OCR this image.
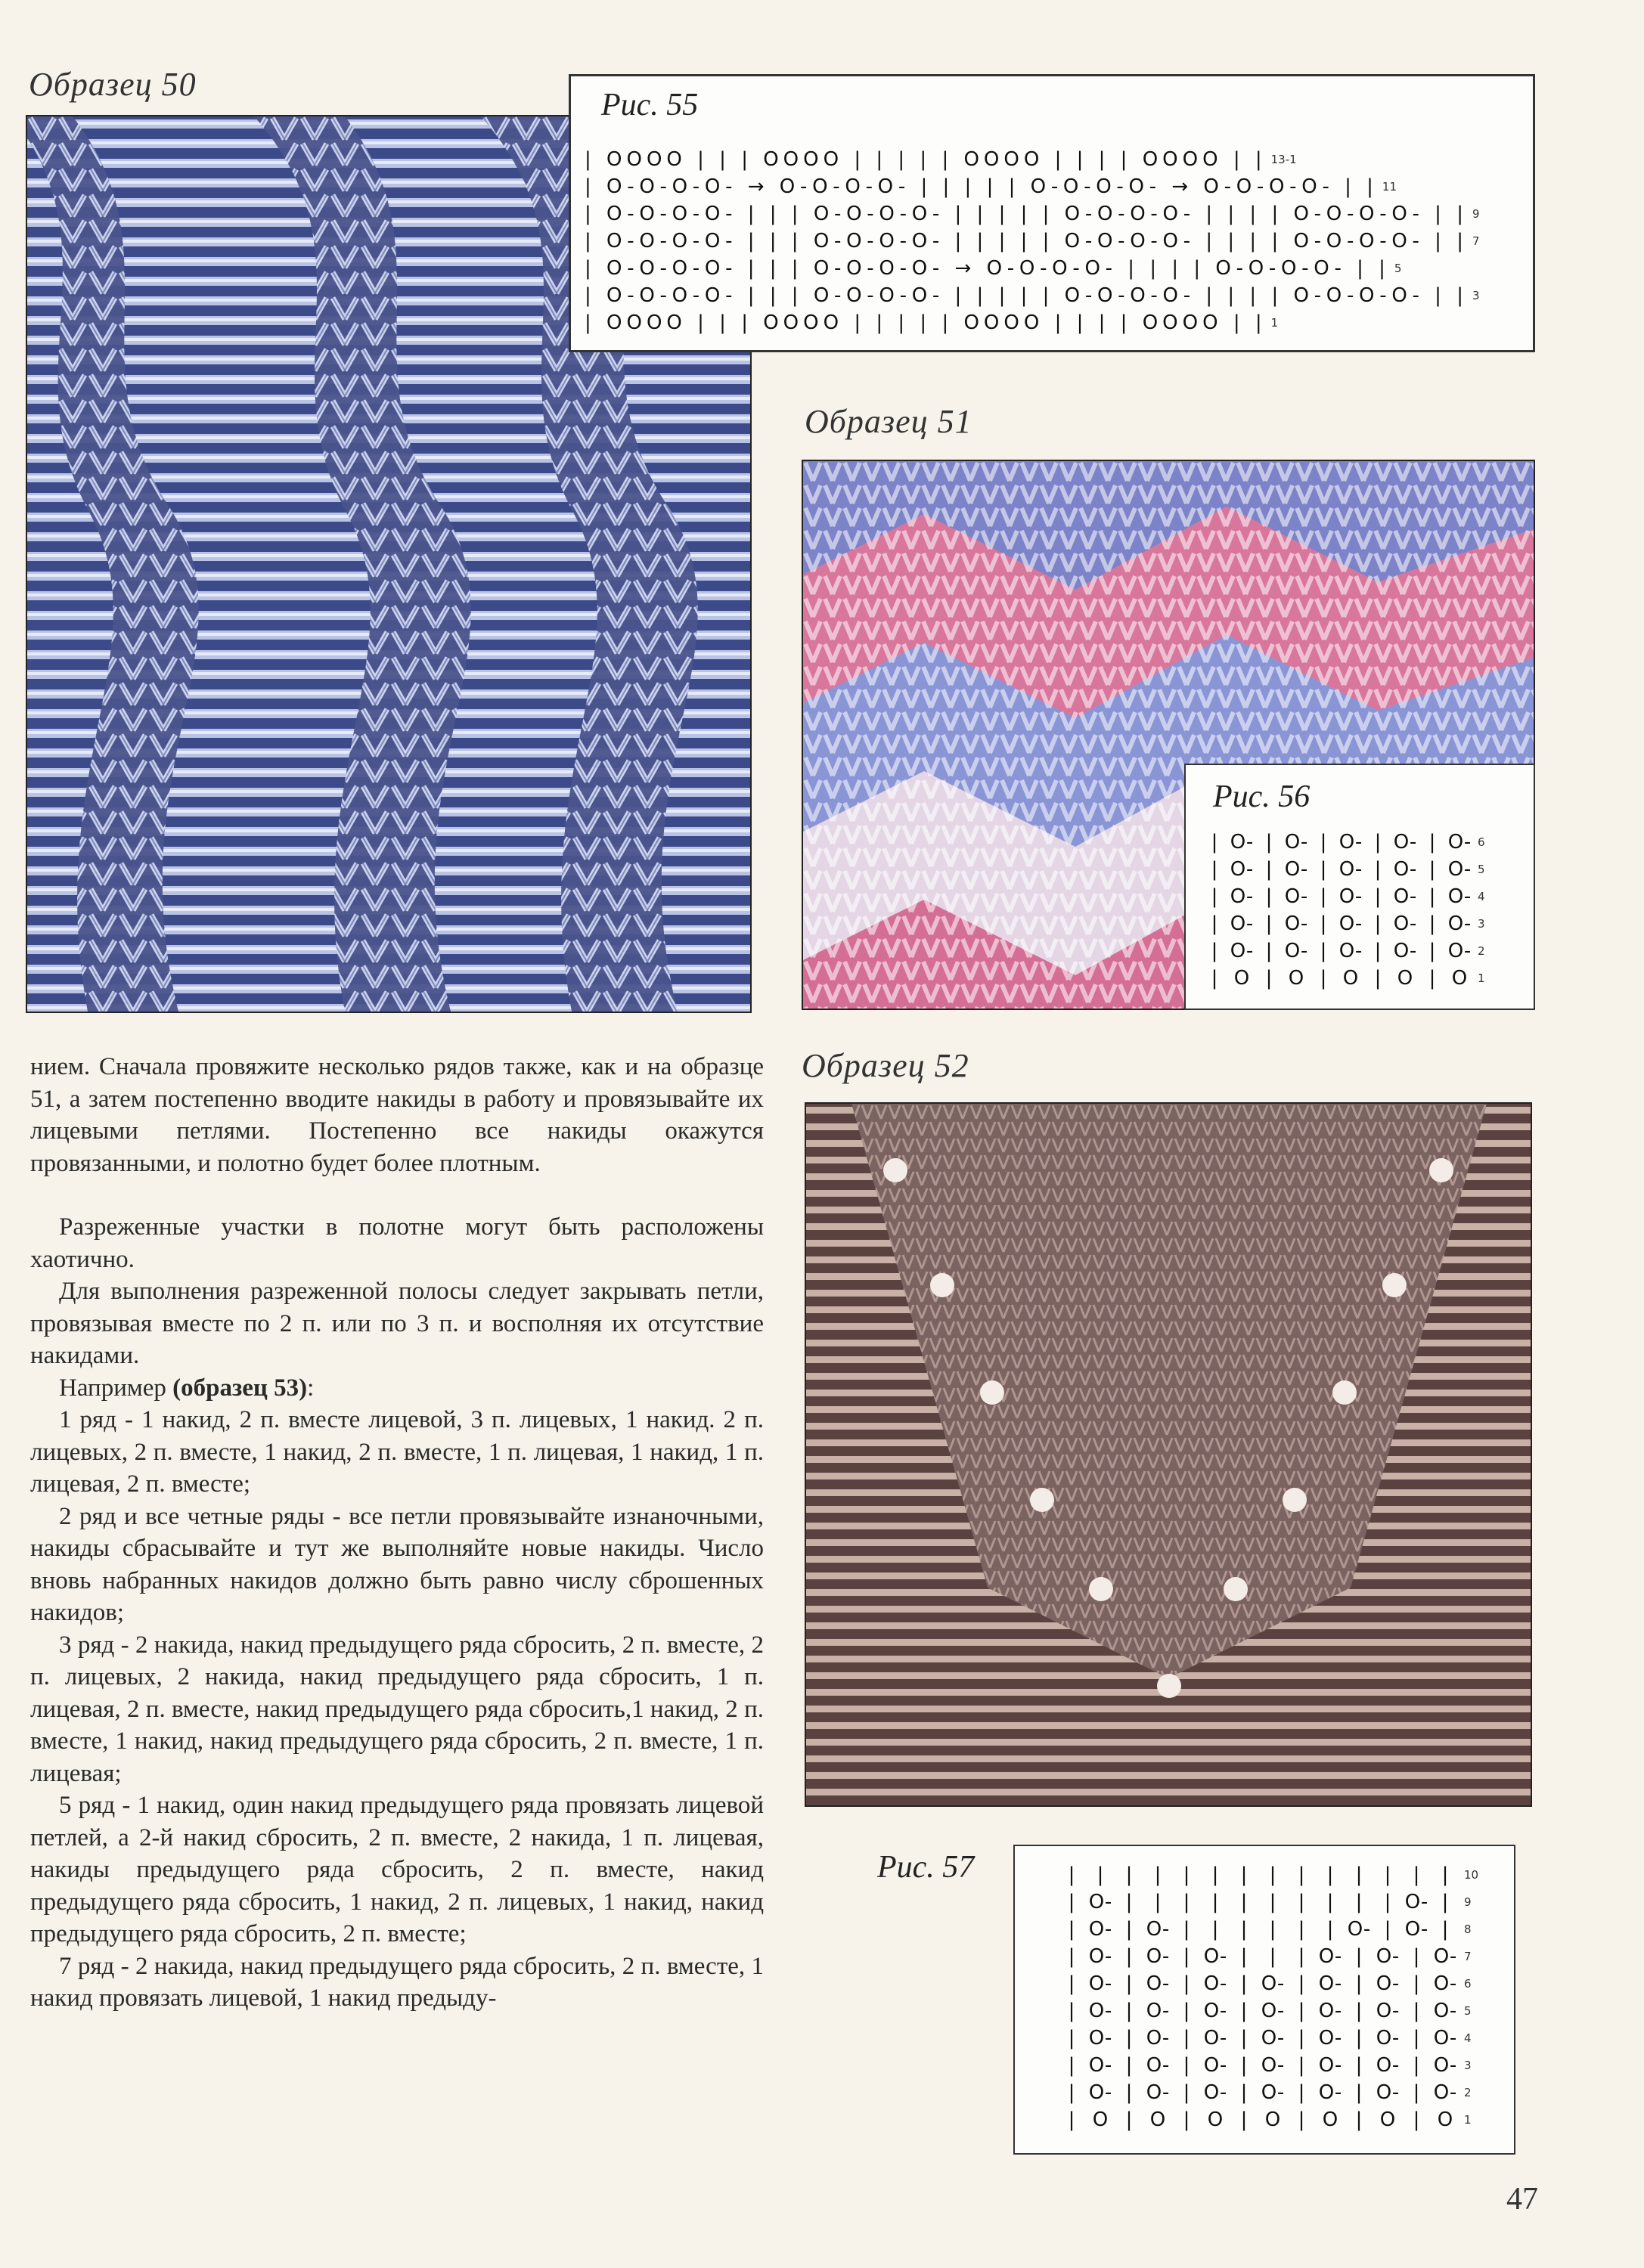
Образец 50
Рис. 55
| OOOO | | | OOOO | | | | | OOOO | | | | OOOO | | 13-1
| O-O-O-O- → O-O-O-O- | | | | | O-O-O-O- → O-O-O-O- | | 11
| O-O-O-O- | | | O-O-O-O- | | | | | O-O-O-O- | | | | O-O-O-O- | | 9
| O-O-O-O- | | | O-O-O-O- | | | | | O-O-O-O- | | | | O-O-O-O- | | 7
| O-O-O-O- | | | O-O-O-O- → O-O-O-O- | | | | O-O-O-O- | | 5
| O-O-O-O- | | | O-O-O-O- | | | | | O-O-O-O- | | | | O-O-O-O- | | 3
| OOOO | | | OOOO | | | | | OOOO | | | | OOOO | | 1
Образец 51
Рис. 56
| O- | O- | O- | O- | O- 6
| O- | O- | O- | O- | O- 5
| O- | O- | O- | O- | O- 4
| O- | O- | O- | O- | O- 3
| O- | O- | O- | O- | O- 2
| O | O | O | O | O 1
Образец 52
Рис. 57	|	|	|	|	|	|	|	|	|	|	|	|	|	|	10
| O- |	|	|	|	|	|	|	|	|	| O- |	9
| O- | O- |	|	|	|	|	| O- | O- |	8
| O- | O- | O- |	|	| O- | O- | O- 7
| O- | O- | O- | O- | O- | O- | O- 6
| O- | O- | O- | O- | O- | O- | O- 5
| O- | O- | O- | O- | O- | O- | O- 4
| O- | O- | O- | O- | O- | O- | O- 3
| O- | O- | O- | O- | O- | O- | O- 2
| O | O | O | O | O | O | O 1

нием. Сначала провяжите несколько рядов также, как и на образце 51, а затем постепенно вводите накиды в работу и провязывайте их лицевыми петлями. Постепенно все накиды окажутся провязанными, и полотно будет более плотным.

Разреженные участки в полотне могут быть расположены хаотично.

Для выполнения разреженной полосы следует закрывать петли, провязывая вместе по 2 п. или по 3 п. и восполняя их отсутствие накидами.

Например (образец 53):

1 ряд - 1 накид, 2 п. вместе лицевой, 3 п. лицевых, 1 накид. 2 п. лицевых, 2 п. вместе, 1 накид, 2 п. вместе, 1 п. лицевая, 1 накид, 1 п. лицевая, 2 п. вместе;

2 ряд и все четные ряды - все петли провязывайте изнаночными, накиды сбрасывайте и тут же выполняйте новые накиды. Число вновь набранных накидов должно быть равно числу сброшенных накидов;

3 ряд - 2 накида, накид предыдущего ряда сбросить, 2 п. вместе, 2 п. лицевых, 2 накида, накид предыдущего ряда сбросить, 1 п. лицевая, 2 п. вместе, накид предыдущего ряда сбросить,1 накид, 2 п. вместе, 1 накид, накид предыдущего ряда сбросить, 2 п. вместе, 1 п. лицевая;

5 ряд - 1 накид, один накид предыдущего ряда провязать лицевой петлей, а 2-й накид сбросить, 2 п. вместе, 2 накида, 1 п. лицевая, накиды предыдущего ряда сбросить, 2 п. вместе, накид предыдущего ряда сбросить, 1 накид, 2 п. лицевых, 1 накид, накид предыдущего ряда сбросить, 2 п. вместе;

7 ряд - 2 накида, накид предыдущего ряда сбросить, 2 п. вместе, 1 накид провязать лицевой, 1 накид предыду-

47
